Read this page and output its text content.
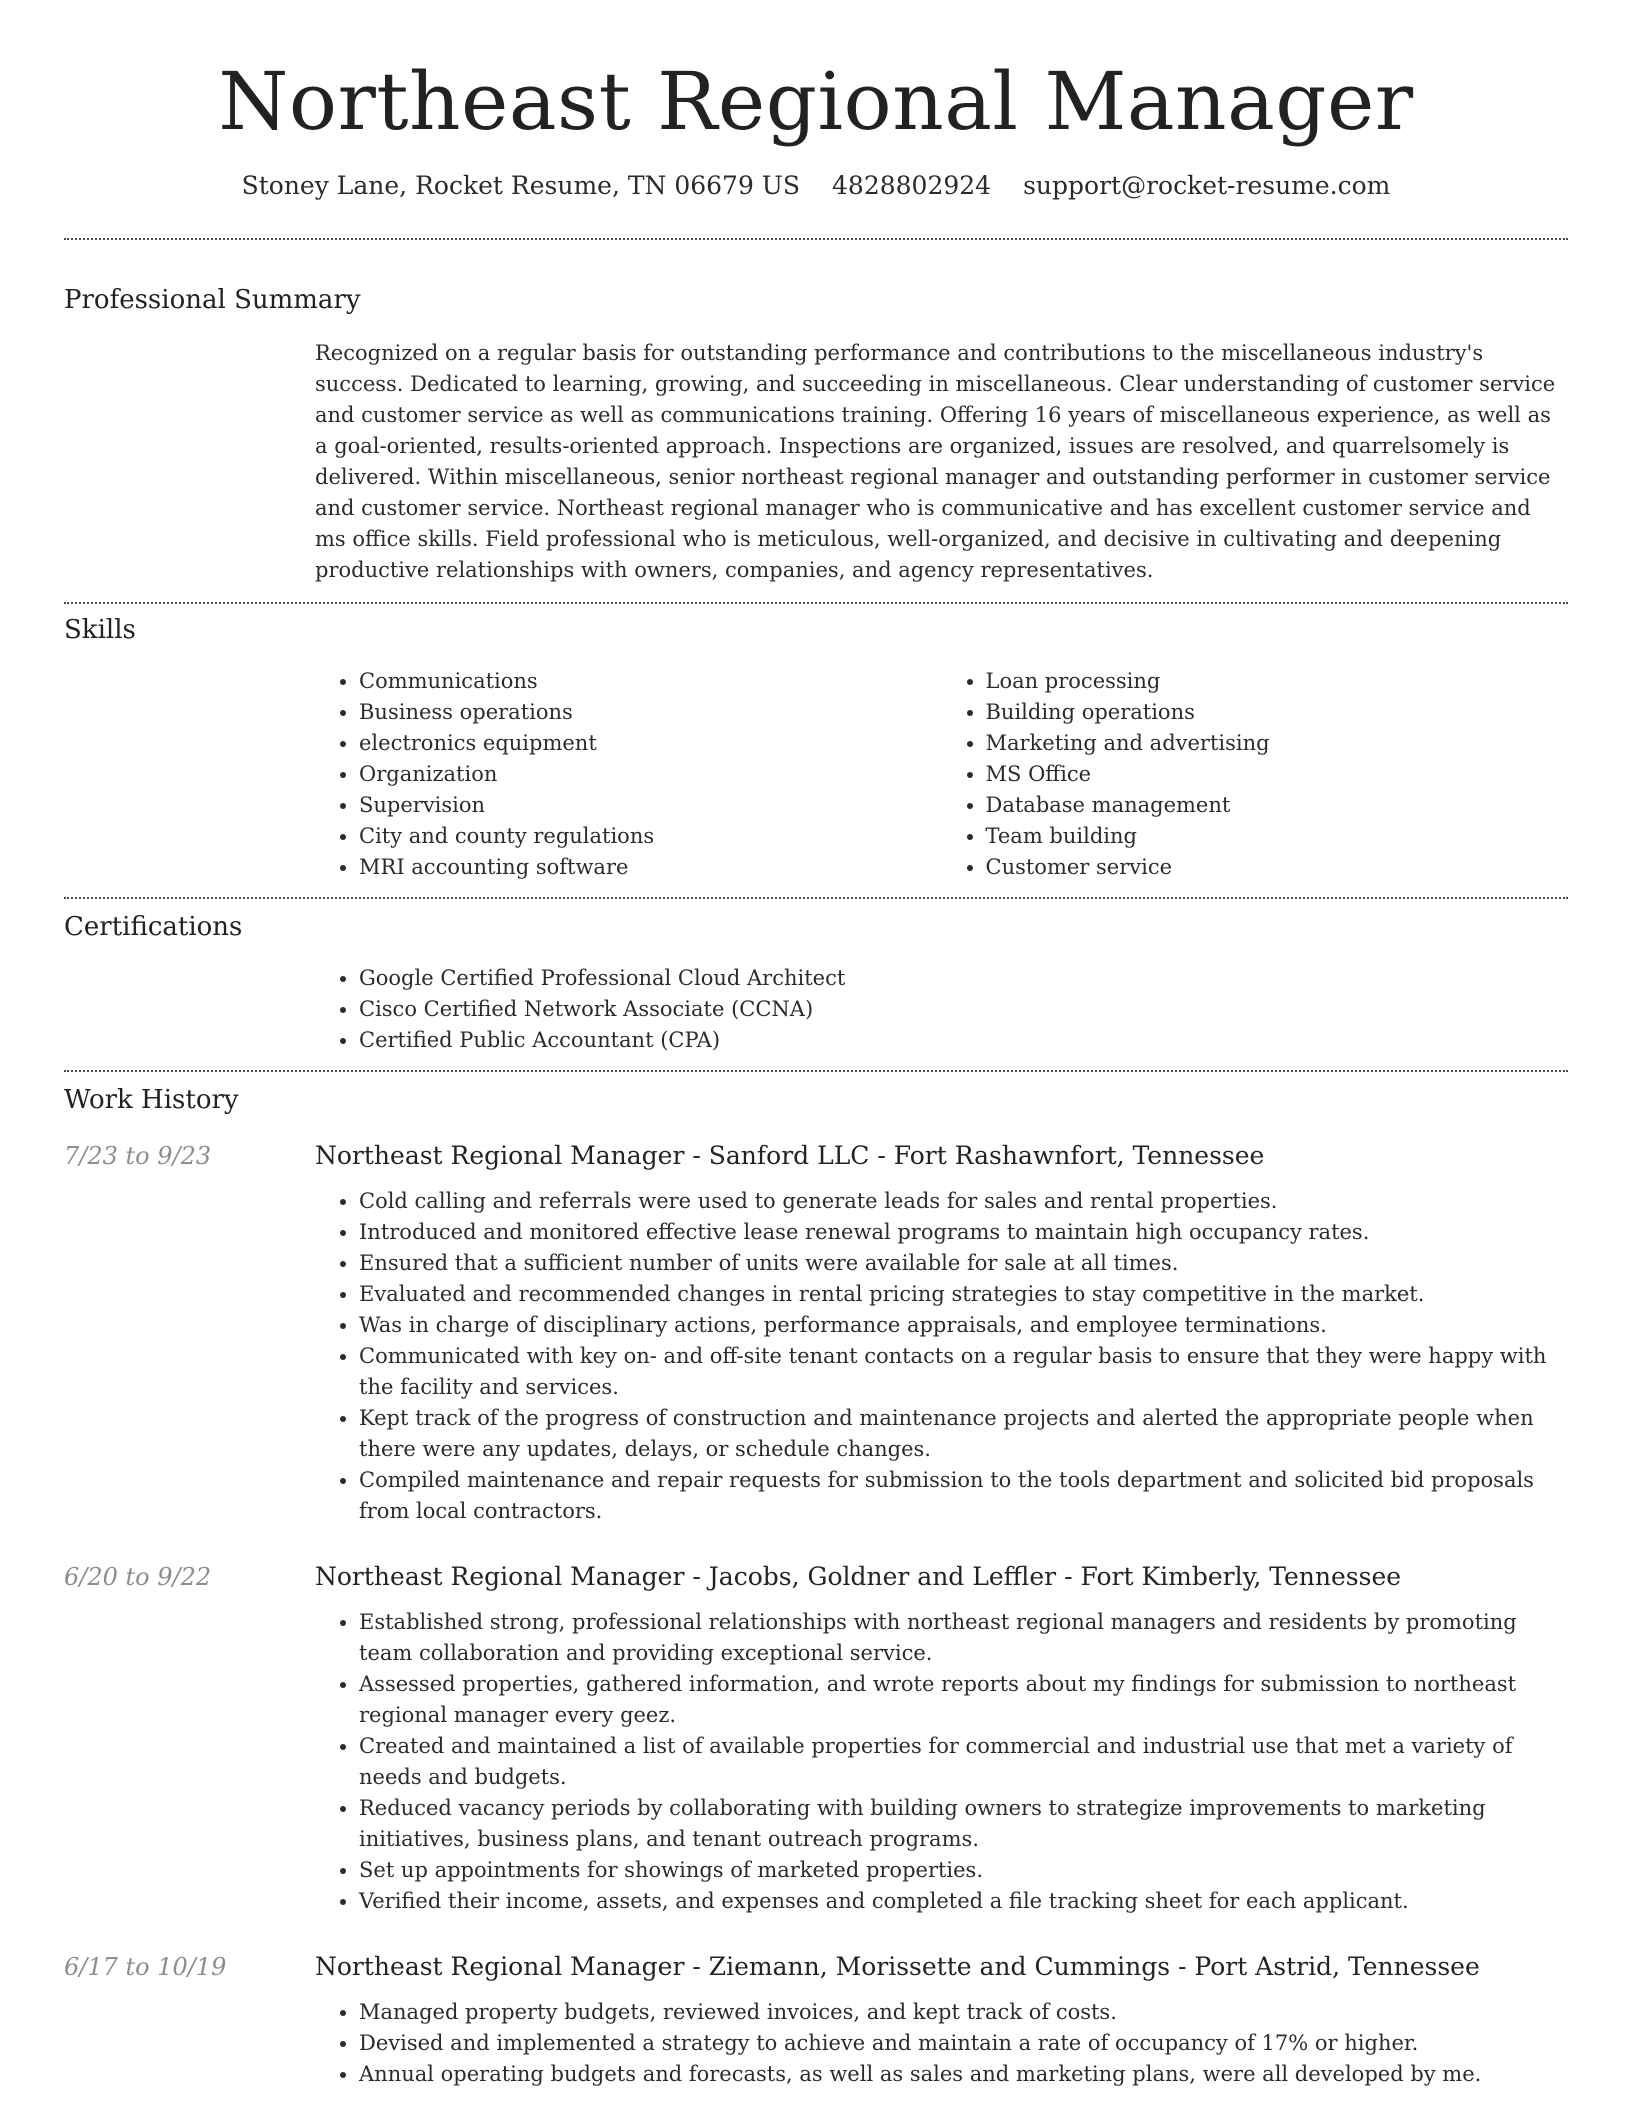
Northeast Regional Manager
Stoney Lane, Rocket Resume, TN 06679 US 4828802924 support@rocket-resume.com
Professional Summary
Recognized on a regular basis for outstanding performance and contributions to the miscellaneous industry's success. Dedicated to learning, growing, and succeeding in miscellaneous. Clear understanding of customer service and customer service as well as communications training. Offering 16 years of miscellaneous experience, as well as a goal-oriented, results-oriented approach. Inspections are organized, issues are resolved, and quarrelsomely is delivered. Within miscellaneous, senior northeast regional manager and outstanding performer in customer service and customer service. Northeast regional manager who is communicative and has excellent customer service and ms office skills. Field professional who is meticulous, well-organized, and decisive in cultivating and deepening productive relationships with owners, companies, and agency representatives.
Skills
• Communications
• Business operations
• electronics equipment
• Organization
• Supervision
• City and county regulations
• MRI accounting software
• Loan processing
• Building operations
• Marketing and advertising
• MS Office
• Database management
• Team building
• Customer service
Certifications
• Google Certified Professional Cloud Architect
• Cisco Certified Network Associate (CCNA)
• Certified Public Accountant (CPA)
Work History
7/23 to 9/23	Northeast Regional Manager - Sanford LLC - Fort Rashawnfort, Tennessee
• Cold calling and referrals were used to generate leads for sales and rental properties.
• Introduced and monitored effective lease renewal programs to maintain high occupancy rates.
• Ensured that a sufficient number of units were available for sale at all times.
• Evaluated and recommended changes in rental pricing strategies to stay competitive in the market.
• Was in charge of disciplinary actions, performance appraisals, and employee terminations.
• Communicated with key on- and off-site tenant contacts on a regular basis to ensure that they were happy with the facility and services.
• Kept track of the progress of construction and maintenance projects and alerted the appropriate people when there were any updates, delays, or schedule changes.
• Compiled maintenance and repair requests for submission to the tools department and solicited bid proposals from local contractors.
6/20 to 9/22	Northeast Regional Manager - Jacobs, Goldner and Leffler - Fort Kimberly, Tennessee
• Established strong, professional relationships with northeast regional managers and residents by promoting team collaboration and providing exceptional service.
• Assessed properties, gathered information, and wrote reports about my findings for submission to northeast regional manager every geez.
• Created and maintained a list of available properties for commercial and industrial use that met a variety of needs and budgets.
• Reduced vacancy periods by collaborating with building owners to strategize improvements to marketing initiatives, business plans, and tenant outreach programs.
• Set up appointments for showings of marketed properties.
• Verified their income, assets, and expenses and completed a file tracking sheet for each applicant.
6/17 to 10/19	Northeast Regional Manager - Ziemann, Morissette and Cummings - Port Astrid, Tennessee
• Managed property budgets, reviewed invoices, and kept track of costs.
• Devised and implemented a strategy to achieve and maintain a rate of occupancy of 17% or higher.
• Annual operating budgets and forecasts, as well as sales and marketing plans, were all developed by me.
